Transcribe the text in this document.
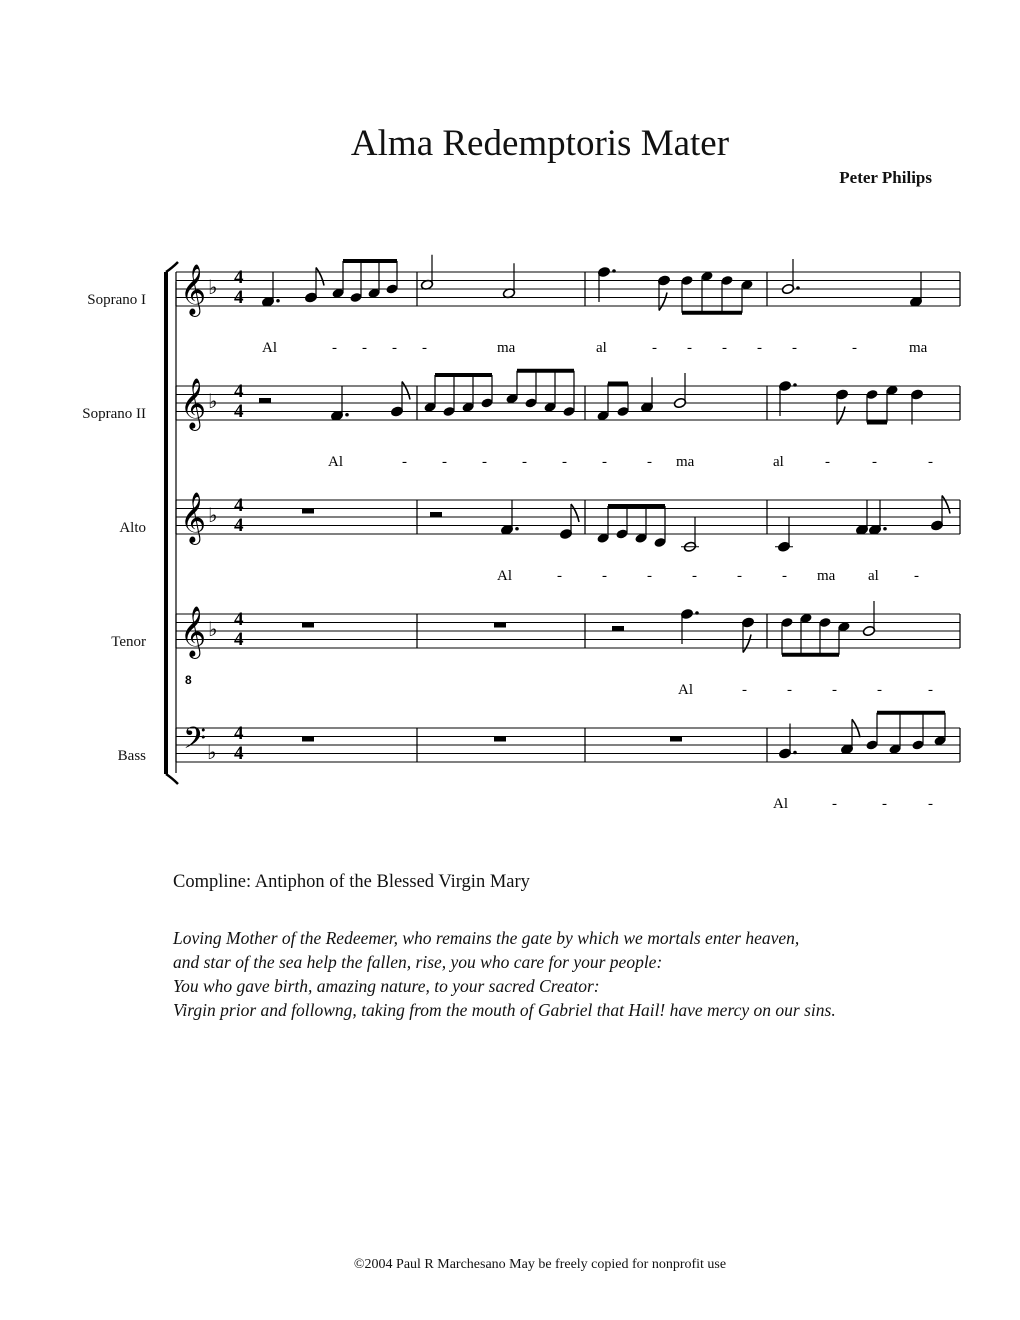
Alma Redemptoris Mater
Peter Philips
Soprano I
Soprano II
Alto
Tenor
Bass
𝄞 ♭
𝄞 ♭
𝄞 ♭
𝄞 ♭
𝄢 ♭
Al	- - - -	ma	al	- - - - -	-	ma
Al	- - - - - -	- ma	al	-	-	-
Al	-	-	-	-	-	- ma al -
Al	-	-	-	-	-
Al	-	-	-
4
4
4
4
4
4
4
4
4
4
8
Compline: Antiphon of the Blessed Virgin Mary
Loving Mother of the Redeemer, who remains the gate by which we mortals enter heaven,
and star of the sea help the fallen, rise, you who care for your people:
You who gave birth, amazing nature, to your sacred Creator:
Virgin prior and followng, taking from the mouth of Gabriel that Hail! have mercy on our sins.
©2004 Paul R Marchesano May be freely copied for nonprofit use
